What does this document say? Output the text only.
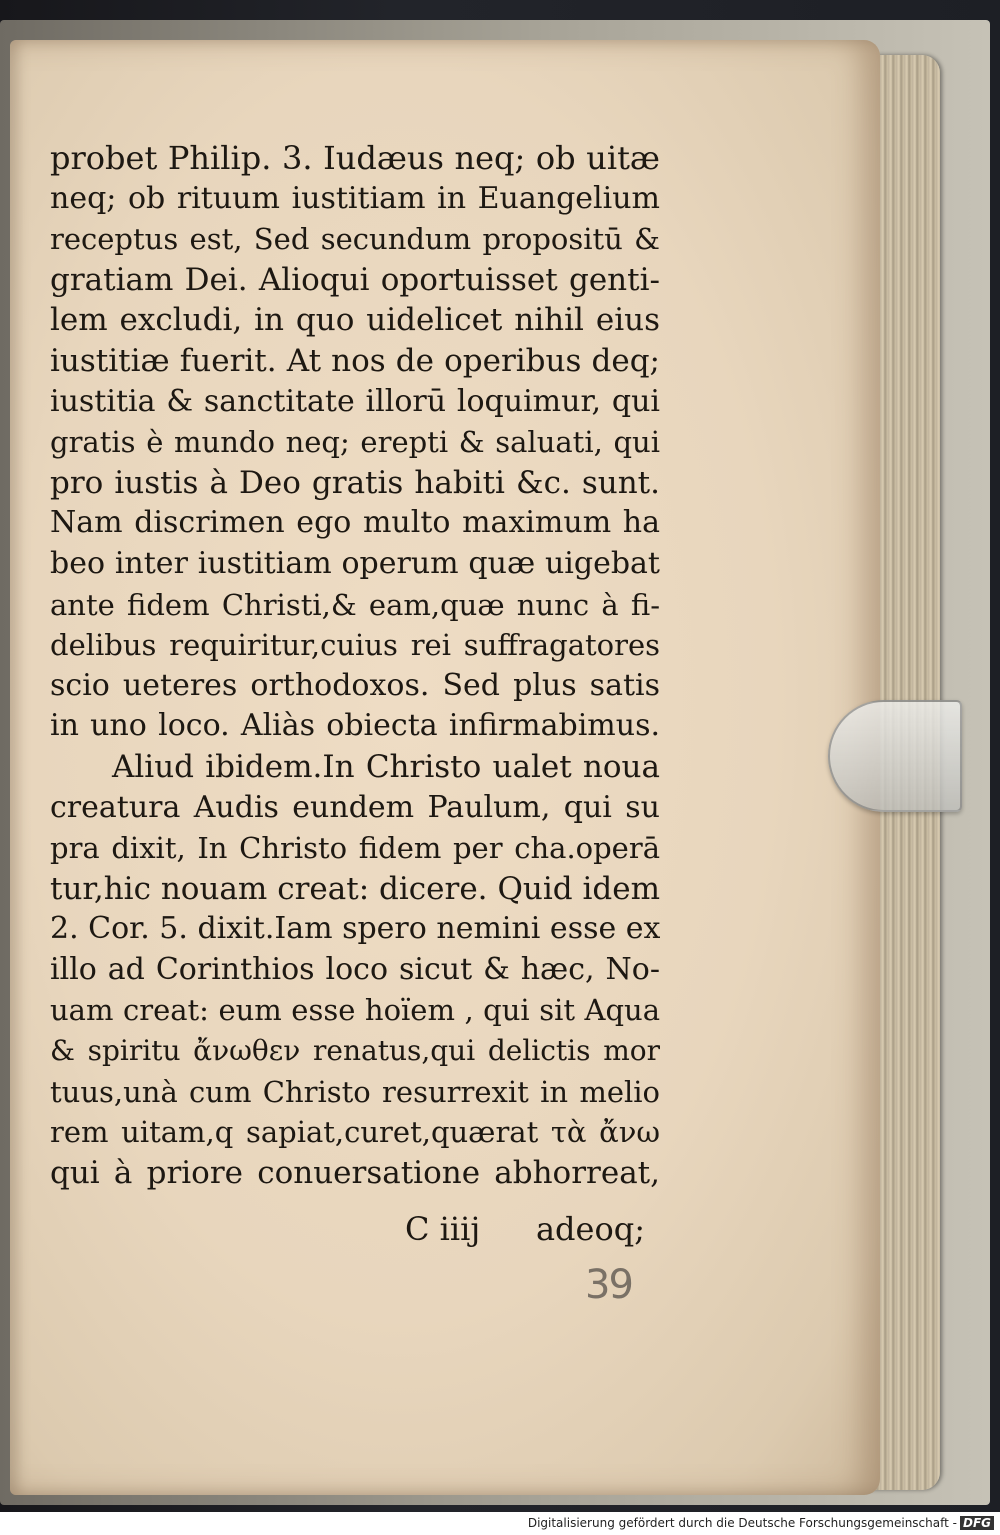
probet Philip. 3. Iudæus neq; ob uitæ
neq; ob rituum iustitiam in Euangelium
receptus est, Sed secundum propositū &
gratiam Dei. Alioqui oportuisset genti-
lem excludi, in quo uidelicet nihil eius
iustitiæ fuerit. At nos de operibus deq;
iustitia & sanctitate illorū loquimur, qui
gratis è mundo neq; erepti & saluati, qui
pro iustis à Deo gratis habiti &c. sunt.
Nam discrimen ego multo maximum ha
beo inter iustitiam operum quæ uigebat
ante fidem Christi,& eam,quæ nunc à fi-
delibus requiritur,cuius rei suffragatores
scio ueteres orthodoxos. Sed plus satis
in uno loco. Aliàs obiecta infirmabimus.
Aliud ibidem.In Christo ualet noua
creatura Audis eundem Paulum, qui su
pra dixit, In Christo fidem per cha.operā
tur,hic nouam creat: dicere. Quid idem
2. Cor. 5. dixit.Iam spero nemini esse ex
illo ad Corinthios loco sicut & hæc, No-
uam creat: eum esse hoïem , qui sit Aqua
& spiritu ἄνωθεν renatus,qui delictis mor
tuus,unà cum Christo resurrexit in melio
rem uitam,q sapiat,curet,quærat τὰ ἄνω
qui à priore conuersatione abhorreat,
C iiij adeoq;
39
Digitalisierung gefördert durch die Deutsche Forschungsgemeinschaft - DFG
